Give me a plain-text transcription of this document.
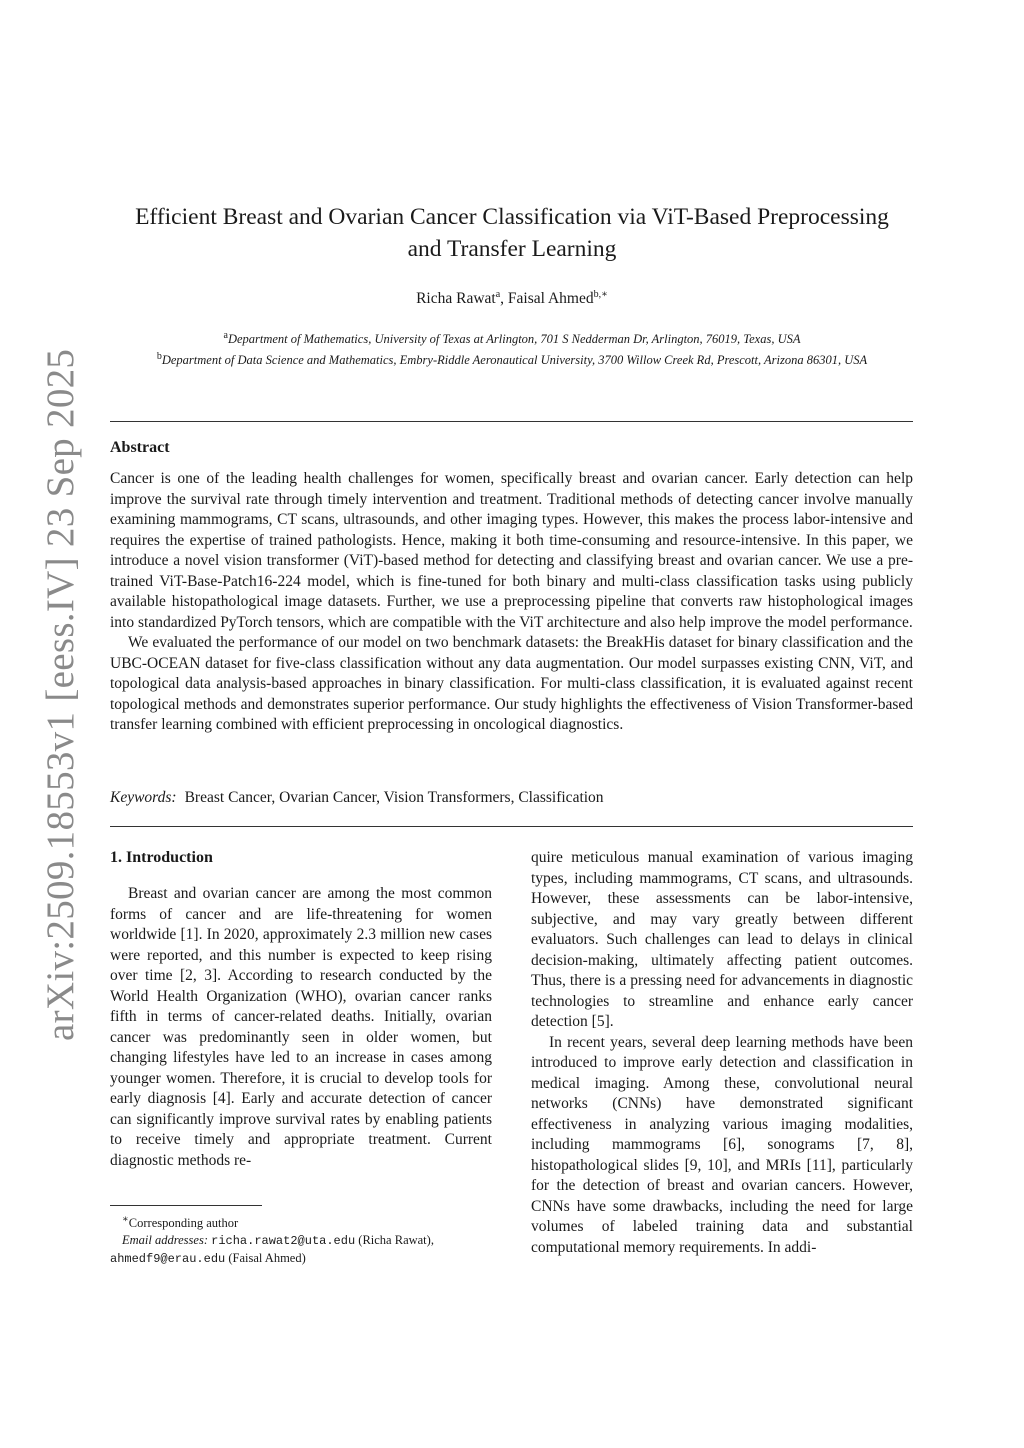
arXiv:2509.18553v1 [eess.IV] 23 Sep 2025
Efficient Breast and Ovarian Cancer Classification via ViT-Based Preprocessing
and Transfer Learning
Richa Rawat$^a$, Faisal Ahmed$^{b,∗}$
$^a$Department of Mathematics, University of Texas at Arlington, 701 S Nedderman Dr, Arlington, 76019, Texas, USA
$^b$Department of Data Science and Mathematics, Embry-Riddle Aeronautical University, 3700 Willow Creek Rd, Prescott, Arizona 86301, USA
Abstract

Cancer is one of the leading health challenges for women, specifically breast and ovarian cancer. Early detection can help improve the survival rate through timely intervention and treatment. Traditional methods of detecting cancer involve manually examining mammograms, CT scans, ultrasounds, and other imaging types. However, this makes the process labor-intensive and requires the expertise of trained pathologists. Hence, making it both time-consuming and resource-intensive. In this paper, we introduce a novel vision transformer (ViT)-based method for detecting and classifying breast and ovarian cancer. We use a pre-trained ViT-Base-Patch16-224 model, which is fine-tuned for both binary and multi-class classification tasks using publicly available histopathological image datasets. Further, we use a preprocessing pipeline that converts raw histophological images into standardized PyTorch tensors, which are compatible with the ViT architecture and also help improve the model performance.

We evaluated the performance of our model on two benchmark datasets: the BreakHis dataset for binary classification and the UBC-OCEAN dataset for five-class classification without any data augmentation. Our model surpasses existing CNN, ViT, and topological data analysis-based approaches in binary classification. For multi-class classification, it is evaluated against recent topological methods and demonstrates superior performance. Our study highlights the effectiveness of Vision Transformer-based transfer learning combined with efficient preprocessing in oncological diagnostics.

Keywords: Breast Cancer, Ovarian Cancer, Vision Transformers, Classification
1. Introduction

Breast and ovarian cancer are among the most common forms of cancer and are life-threatening for women worldwide [1]. In 2020, approximately 2.3 million new cases were reported, and this number is expected to keep rising over time [2, 3]. According to research conducted by the World Health Organization (WHO), ovarian cancer ranks fifth in terms of cancer-related deaths. Initially, ovarian cancer was predominantly seen in older women, but changing lifestyles have led to an increase in cases among younger women. Therefore, it is crucial to develop tools for early diagnosis [4]. Early and accurate detection of cancer can significantly improve survival rates by enabling patients to receive timely and appropriate treatment. Current diagnostic methods re-

quire meticulous manual examination of various imaging types, including mammograms, CT scans, and ultrasounds. However, these assessments can be labor-intensive, subjective, and may vary greatly between different evaluators. Such challenges can lead to delays in clinical decision-making, ultimately affecting patient outcomes. Thus, there is a pressing need for advancements in diagnostic technologies to streamline and enhance early cancer detection [5].

In recent years, several deep learning methods have been introduced to improve early detection and classification in medical imaging. Among these, convolutional neural networks (CNNs) have demonstrated significant effectiveness in analyzing various imaging modalities, including mammograms [6], sonograms [7, 8], histopathological slides [9, 10], and MRIs [11], particularly for the detection of breast and ovarian cancers. However, CNNs have some drawbacks, including the need for large volumes of labeled training data and substantial computational memory requirements. In addi-

∗Corresponding author
Email addresses: richa.rawat2@uta.edu (Richa Rawat),
ahmedf9@erau.edu (Faisal Ahmed)
